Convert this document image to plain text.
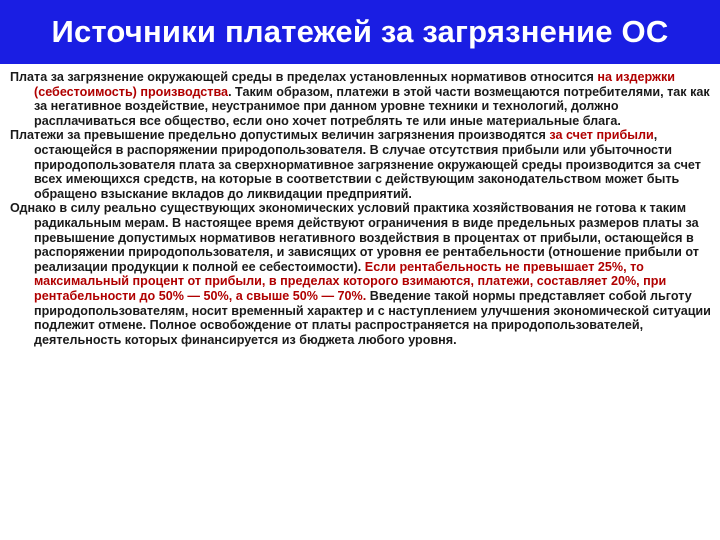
Источники платежей за загрязнение ОС

Плата за загрязнение окружающей среды в пределах установленных нормативов относится на издержки (себестоимость) производства. Таким образом, платежи в этой части возмещаются потребителями, так как за негативное воздействие, неустранимое при данном уровне техники и технологий, должно расплачиваться все общество, если оно хочет потреблять те или иные материальные блага.

Платежи за превышение предельно допустимых величин загрязнения производятся за счет прибыли, остающейся в распоряжении природопользователя. В случае отсутствия прибыли или убыточности природопользователя плата за сверхнормативное загрязнение окружающей среды производится за счет всех имеющихся средств, на которые в соответствии с действующим законодательством может быть обращено взыскание вкладов до ликвидации предприятий.

Однако в силу реально существующих экономических условий практика хозяйствования не готова к таким радикальным мерам. В настоящее время действуют ограничения в виде предельных размеров платы за превышение допустимых нормативов негативного воздействия в процентах от прибыли, остающейся в распоряжении природопользователя, и зависящих от уровня ее рентабельности (отношение прибыли от реализации продукции к полной ее себестоимости). Если рентабельность не превышает 25%, то максимальный процент от прибыли, в пределах которого взимаются, платежи, составляет 20%, при рентабельности до 50% — 50%, а свыше 50% — 70%. Введение такой нормы представляет собой льготу природопользователям, носит временный характер и с наступлением улучшения экономической ситуации подлежит отмене. Полное освобождение от платы распространяется на природопользователей, деятельность которых финансируется из бюджета любого уровня.
